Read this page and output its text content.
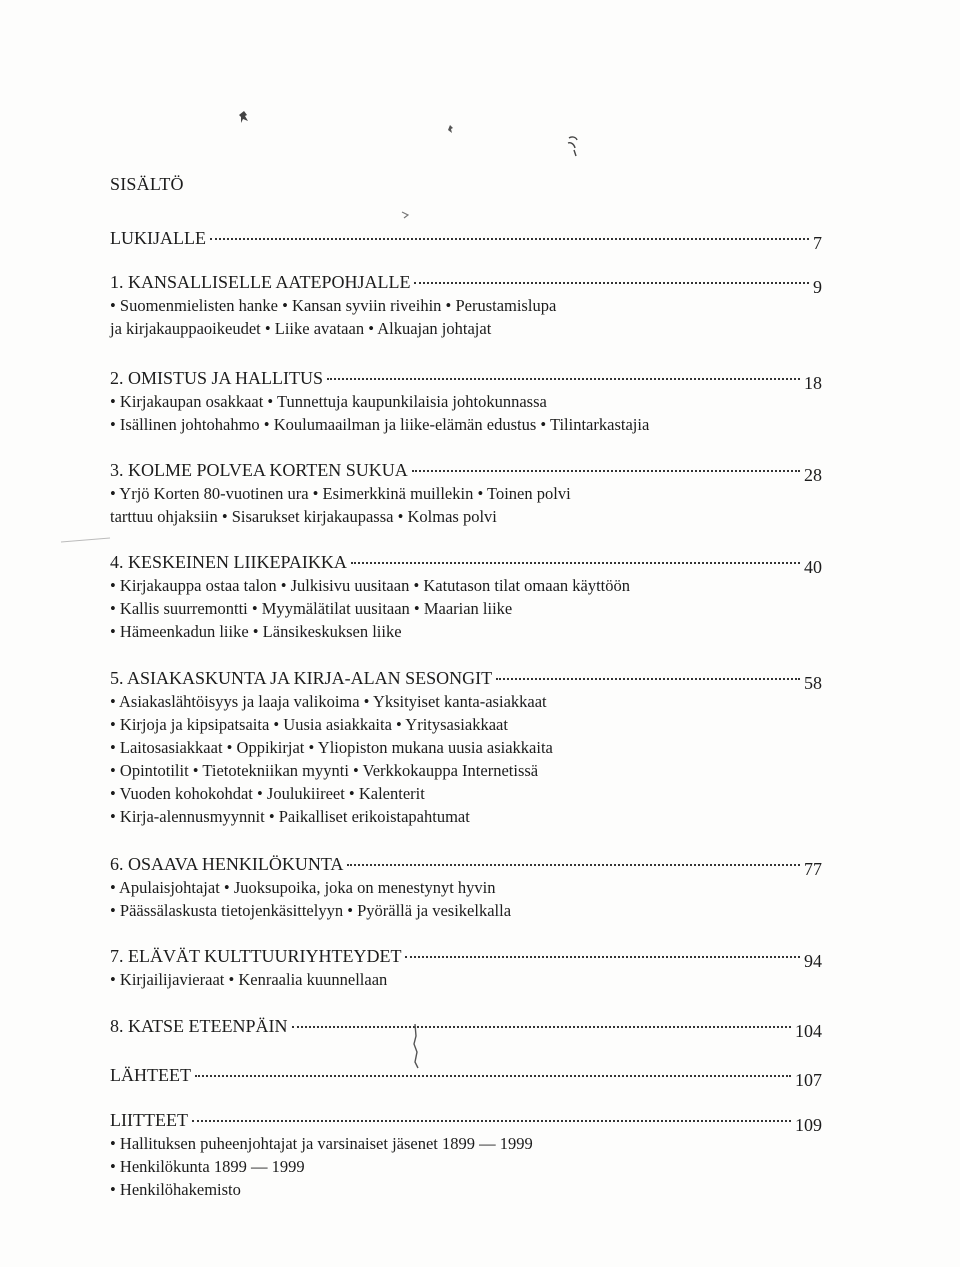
SISÄLTÖ
LUKIJALLE	7
1. KANSALLISELLE AATEPOHJALLE	9
• Suomenmielisten hanke • Kansan syviin riveihin • Perustamislupa
ja kirjakauppaoikeudet • Liike avataan • Alkuajan johtajat
2. OMISTUS JA HALLITUS	18
• Kirjakaupan osakkaat • Tunnettuja kaupunkilaisia johtokunnassa
• Isällinen johtohahmo • Koulumaailman ja liike-elämän edustus • Tilintarkastajia
3. KOLME POLVEA KORTEN SUKUA	28
• Yrjö Korten 80-vuotinen ura • Esimerkkinä muillekin • Toinen polvi
tarttuu ohjaksiin • Sisarukset kirjakaupassa • Kolmas polvi
4. KESKEINEN LIIKEPAIKKA	40
• Kirjakauppa ostaa talon • Julkisivu uusitaan • Katutason tilat omaan käyttöön
• Kallis suurremontti • Myymälätilat uusitaan • Maarian liike
• Hämeenkadun liike • Länsikeskuksen liike
5. ASIAKASKUNTA JA KIRJA-ALAN SESONGIT	58
• Asiakaslähtöisyys ja laaja valikoima • Yksityiset kanta-asiakkaat
• Kirjoja ja kipsipatsaita • Uusia asiakkaita • Yritysasiakkaat
• Laitosasiakkaat • Oppikirjat • Yliopiston mukana uusia asiakkaita
• Opintotilit • Tietotekniikan myynti • Verkkokauppa Internetissä
• Vuoden kohokohdat • Joulukiireet • Kalenterit
• Kirja-alennusmyynnit • Paikalliset erikoistapahtumat
6. OSAAVA HENKILÖKUNTA	77
• Apulaisjohtajat • Juoksupoika, joka on menestynyt hyvin
• Päässälaskusta tietojenkäsittelyyn • Pyörällä ja vesikelkalla
7. ELÄVÄT KULTTUURIYHTEYDET	94
• Kirjailijavieraat • Kenraalia kuunnellaan
8. KATSE ETEENPÄIN	104
LÄHTEET	107
LIITTEET	109
• Hallituksen puheenjohtajat ja varsinaiset jäsenet 1899 — 1999
• Henkilökunta 1899 — 1999
• Henkilöhakemisto
